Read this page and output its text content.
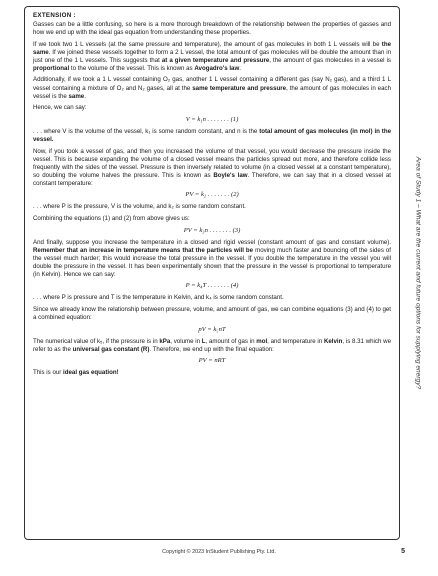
EXTENSION :

Gasses can be a little confusing, so here is a more thorough breakdown of the relationship between the properties of gasses and how we end up with the ideal gas equation from understanding these properties.

If we took two 1 L vessels (at the same pressure and temperature), the amount of gas molecules in both 1 L vessels will be the same. If we joined these vessels together to form a 2 L vessel, the total amount of gas molecules will be double the amount than in just one of the 1 L vessels. This suggests that at a given temperature and pressure, the amount of gas molecules in a vessel is proportional to the volume of the vessel. This is known as Avogadro's law.

Additionally, if we took a 1 L vessel containing O₂ gas, another 1 L vessel containing a different gas (say N₂ gas), and a third 1 L vessel containing a mixture of O₂ and N₂ gases, all at the same temperature and pressure, the amount of gas molecules in each vessel is the same.

Hence, we can say:

V = k₁n . . . . . . . (1)

. . . where V is the volume of the vessel, k₁ is some random constant, and n is the total amount of gas molecules (in mol) in the vessel.

Now, if you took a vessel of gas, and then you increased the volume of that vessel, you would decrease the pressure inside the vessel. This is because expanding the volume of a closed vessel means the particles spread out more, and therefore collide less frequently with the sides of the vessel. Pressure is then inversely related to volume (in a closed vessel at a constant temperature), so doubling the volume halves the pressure. This is known as Boyle's law. Therefore, we can say that in a closed vessel at constant temperature:

PV = k₂ . . . . . . . (2)

. . . where P is the pressure, V is the volume, and k₂ is some random constant.

Combining the equations (1) and (2) from above gives us:

PV = k₃n . . . . . . . (3)

And finally, suppose you increase the temperature in a closed and rigid vessel (constant amount of gas and constant volume). Remember that an increase in temperature means that the particles will be moving much faster and bouncing off the sides of the vessel much harder; this would increase the total pressure in the vessel. If you double the temperature in the vessel you will double the pressure in the vessel. It has been experimentally shown that the pressure in the vessel is proportional to temperature (in Kelvin). Hence we can say:

P = k₄T . . . . . . . (4)

. . . where P is pressure and T is the temperature in Kelvin, and k₄ is some random constant.

Since we already know the relationship between pressure, volume, and amount of gas, we can combine equations (3) and (4) to get a combined equation:

pV = k₅nT

The numerical value of k₅, if the pressure is in kPa, volume in L, amount of gas in mol, and temperature in Kelvin, is 8.31 which we refer to as the universal gas constant (R). Therefore, we end up with the final equation:

PV = nRT

This is our ideal gas equation!	Area of Study 1 – What are the current and future options for supplying energy?
Copyright © 2023 InStudent Publishing Pty. Ltd.	5
